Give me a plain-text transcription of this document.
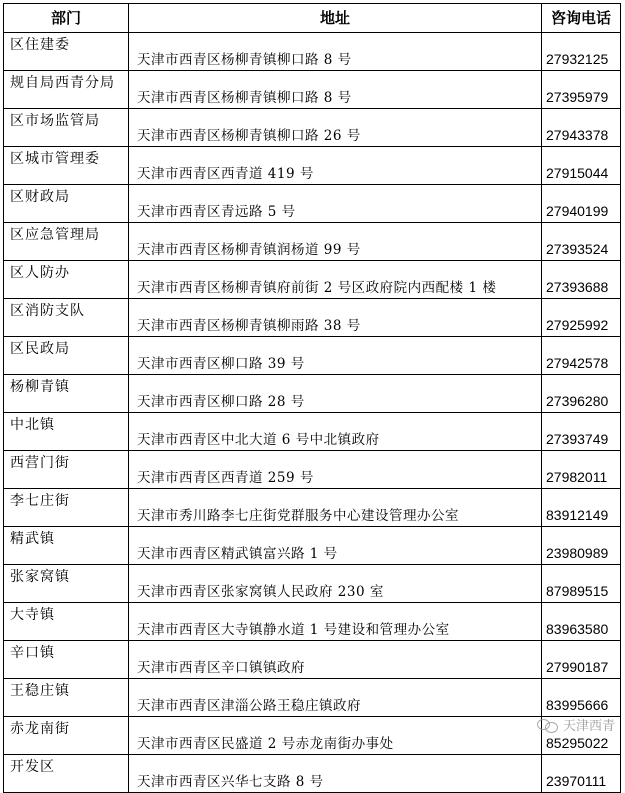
部门	地址	咨询电话
区住建委	天津市西青区杨柳青镇柳口路 8 号	27932125
规自局西青分局	天津市西青区杨柳青镇柳口路 8 号	27395979
区市场监管局	天津市西青区杨柳青镇柳口路 26 号	27943378
区城市管理委	天津市西青区西青道 419 号	27915044
区财政局	天津市西青区青远路 5 号	27940199
区应急管理局	天津市西青区杨柳青镇润杨道 99 号	27393524
区人防办	天津市西青区杨柳青镇府前街 2 号区政府院内西配楼 1 楼	27393688
区消防支队	天津市西青区杨柳青镇柳雨路 38 号	27925992
区民政局	天津市西青区柳口路 39 号	27942578
杨柳青镇	天津市西青区柳口路 28 号	27396280
中北镇	天津市西青区中北大道 6 号中北镇政府	27393749
西营门街	天津市西青区西青道 259 号	27982011
李七庄街	天津市秀川路李七庄街党群服务中心建设管理办公室	83912149
精武镇	天津市西青区精武镇富兴路 1 号	23980989
张家窝镇	天津市西青区张家窝镇人民政府 230 室	87989515
大寺镇	天津市西青区大寺镇静水道 1 号建设和管理办公室	83963580
辛口镇	天津市西青区辛口镇镇政府	27990187
王稳庄镇	天津市西青区津淄公路王稳庄镇政府	83995666
赤龙南街	天津市西青区民盛道 2 号赤龙南街办事处	85295022
开发区	天津市西青区兴华七支路 8 号	23970111
天津西青
